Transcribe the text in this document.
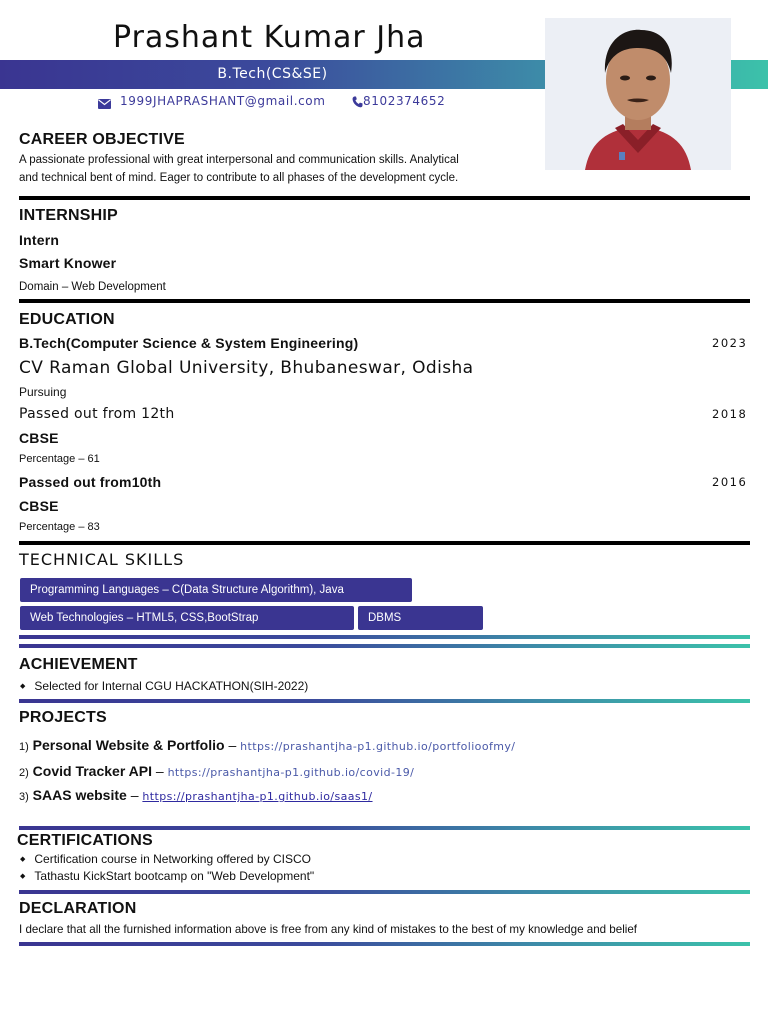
Prashant Kumar Jha
B.Tech(CS&SE)
1999JHAPRASHANT@gmail.com	8102374652
CAREER OBJECTIVE
A passionate professional with great interpersonal and communication skills. Analytical
and technical bent of mind. Eager to contribute to all phases of the development cycle.
INTERNSHIP
Intern
Smart Knower
Domain – Web Development
EDUCATION
B.Tech(Computer Science & System Engineering)	2023
CV Raman Global University, Bhubaneswar, Odisha
Pursuing
Passed out from 12th	2018
CBSE
Percentage – 61
Passed out from10th	2016
CBSE
Percentage – 83
TECHNICAL SKILLS
Programming Languages – C(Data Structure Algorithm), Java
Web Technologies – HTML5, CSS,BootStrap	DBMS
ACHIEVEMENT
◆ Selected for Internal CGU HACKATHON(SIH-2022)
PROJECTS
1) Personal Website & Portfolio – https://prashantjha-p1.github.io/portfolioofmy/
2) Covid Tracker API – https://prashantjha-p1.github.io/covid-19/
3) SAAS website – https://prashantjha-p1.github.io/saas1/
CERTIFICATIONS
◆ Certification course in Networking offered by CISCO
◆ Tathastu KickStart bootcamp on "Web Development"
DECLARATION
I declare that all the furnished information above is free from any kind of mistakes to the best of my knowledge and belief
